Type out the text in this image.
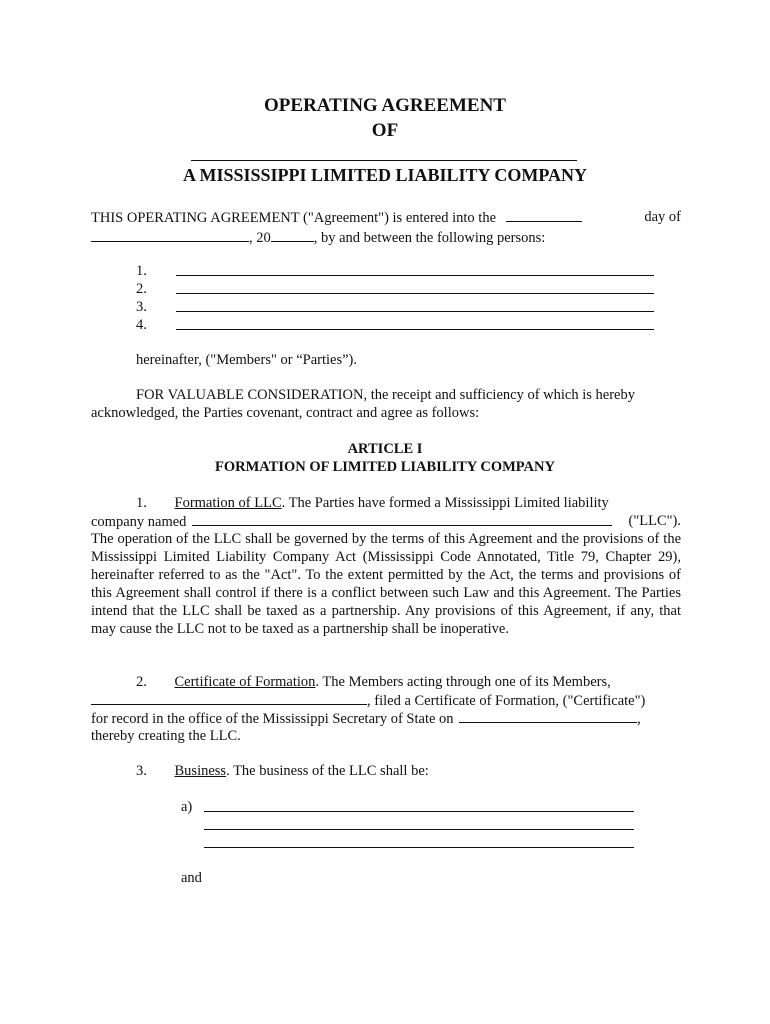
OPERATING AGREEMENT
OF
A MISSISSIPPI LIMITED LIABILITY COMPANY
THIS OPERATING AGREEMENT ("Agreement") is entered into the	day of
, 20	, by and between the following persons:
1.
2.
3.
4.
hereinafter, ("Members" or “Parties”).
FOR VALUABLE CONSIDERATION, the receipt and sufficiency of which is hereby
acknowledged, the Parties covenant, contract and agree as follows:
ARTICLE I
FORMATION OF LIMITED LIABILITY COMPANY
1. Formation of LLC. The Parties have formed a Mississippi Limited liability
company named	("LLC").
The operation of the LLC shall be governed by the terms of this Agreement and the provisions of the Mississippi Limited Liability Company Act (Mississippi Code Annotated, Title 79, Chapter 29), hereinafter referred to as the "Act". To the extent permitted by the Act, the terms and provisions of this Agreement shall control if there is a conflict between such Law and this Agreement. The Parties intend that the LLC shall be taxed as a partnership. Any provisions of this Agreement, if any, that may cause the LLC not to be taxed as a partnership shall be inoperative.
2. Certificate of Formation. The Members acting through one of its Members,
, filed a Certificate of Formation, ("Certificate")
for record in the office of the Mississippi Secretary of State on	,
thereby creating the LLC.
3. Business. The business of the LLC shall be:
a)
and
